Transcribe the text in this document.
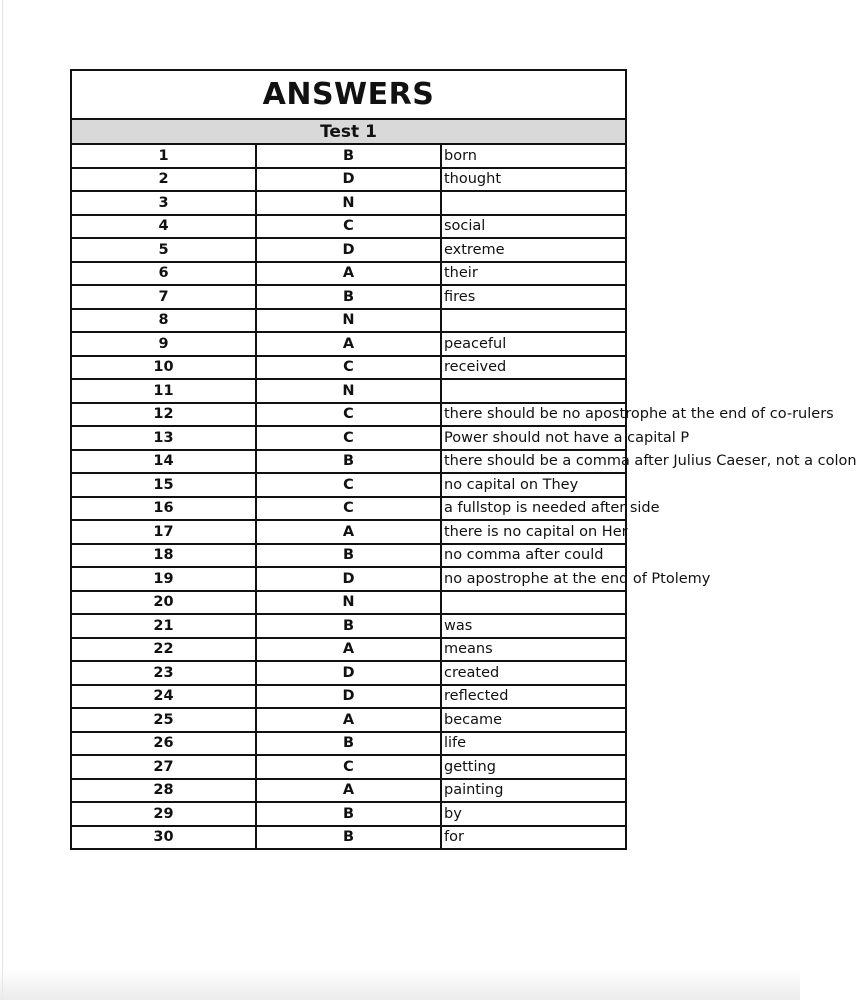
ANSWERS		
Test 1		
1	B	born
2	D	thought
3	N	
4	C	social
5	D	extreme
6	A	their
7	B	fires
8	N	
9	A	peaceful
10	C	received
11	N	
12	C	there should be no apostrophe at the end of co-rulers
13	C	Power should not have a capital P
14	B	there should be a comma after Julius Caeser, not a colon
15	C	no capital on They
16	C	a fullstop is needed after side
17	A	there is no capital on Her
18	B	no comma after could
19	D	no apostrophe at the end of Ptolemy
20	N	
21	B	was
22	A	means
23	D	created
24	D	reflected
25	A	became
26	B	life
27	C	getting
28	A	painting
29	B	by
30	B	for
